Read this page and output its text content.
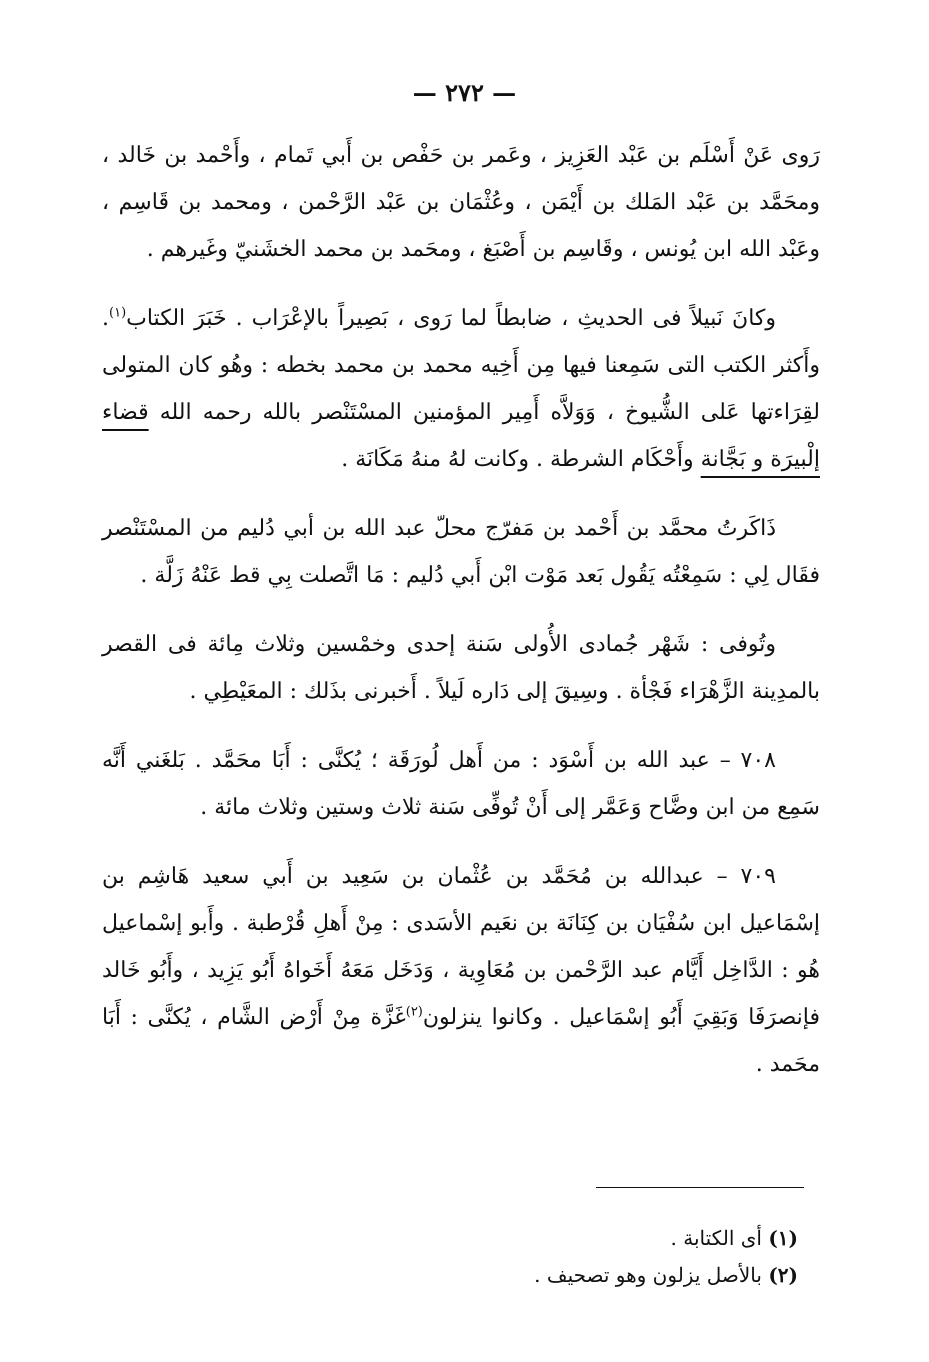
— ٢٧٢ —

رَوى عَنْ أَسْلَم بن عَبْد العَزِيز ، وعَمر بن حَفْص بن أَبي تَمام ، وأَحْمد بن خَالد ، ومحَمَّد بن عَبْد المَلك بن أَيْمَن ، وعُثْمَان بن عَبْد الرَّحْمن ، ومحمد بن قَاسِم ، وعَبْد الله ابن يُونس ، وقَاسِم بن أَصْبَغ ، ومحَمد بن محمد الخشَنيّ وغَيرهم .

وكانَ نَبيلاً فى الحديثِ ، ضابطاً لما رَوى ، بَصِيراً بالإعْرَاب . خَبَرَ الكتاب$^{(١)}$. وأَكثر الكتب التى سَمِعنا فيها مِن أَخِيه محمد بن محمد بخطه : وهُو كان المتولى لقِرَاءتها عَلى الشُّيوخ ، وَوَلاَّه أَمِير المؤمنين المسْتَنْصر بالله رحمه الله قضاء إلْبيرَة و بَجَّانة وأَحْكَام الشرطة . وكانت لهُ منهُ مَكَانَة .

ذَاكَرتُ محمَّد بن أَحْمد بن مَفرّج محلّ عبد الله بن أبي دُليم من المسْتَنْصر فقَال لِي : سَمِعْتُه يَقُول بَعد مَوْت ابْن أَبي دُليم : مَا اتَّصلت بِي قط عَنْهُ زَلَّة .

وتُوفى : شَهْر جُمادى الأُولى سَنة إحدى وخمْسين وثلاث مِائة فى القصر بالمدِينة الزَّهْرَاء فَجْأة . وسِيقَ إلى دَاره لَيلاً . أَخبرنى بذَلك : المعَيْطِي .

٧٠٨ – عبد الله بن أَسْوَد : من أَهل لُورَقَة ؛ يُكنَّى : أَبَا محَمَّد . بَلغَني أَنَّه سَمِع من ابن وضَّاح وَعَمَّر إلى أَنْ تُوفِّى سَنة ثلاث وستين وثلاث مائة .

٧٠٩ – عبدالله بن مُحَمَّد بن عُثْمان بن سَعِيد بن أَبي سعيد هَاشِم بن إسْمَاعيل ابن سُفْيَان بن كِنَانَة بن نعَيم الأسَدى : مِنْ أَهلِ قُرْطبة . وأَبو إسْماعيل هُو : الدَّاخِل أَيَّام عبد الرَّحْمن بن مُعَاوِية ، وَدَخَل مَعَهُ أَخَواهُ أَبُو يَزِيد ، وأَبُو خَالد فإنصرَفَا وَبَقِيَ أَبُو إسْمَاعيل . وكانوا ينزلون$^{(٢)}$غَزَّة مِنْ أَرْض الشَّام ، يُكنَّى : أَبَا محَمد .

(١) أى الكتابة .

(٢) بالأصل يزلون وهو تصحيف .
